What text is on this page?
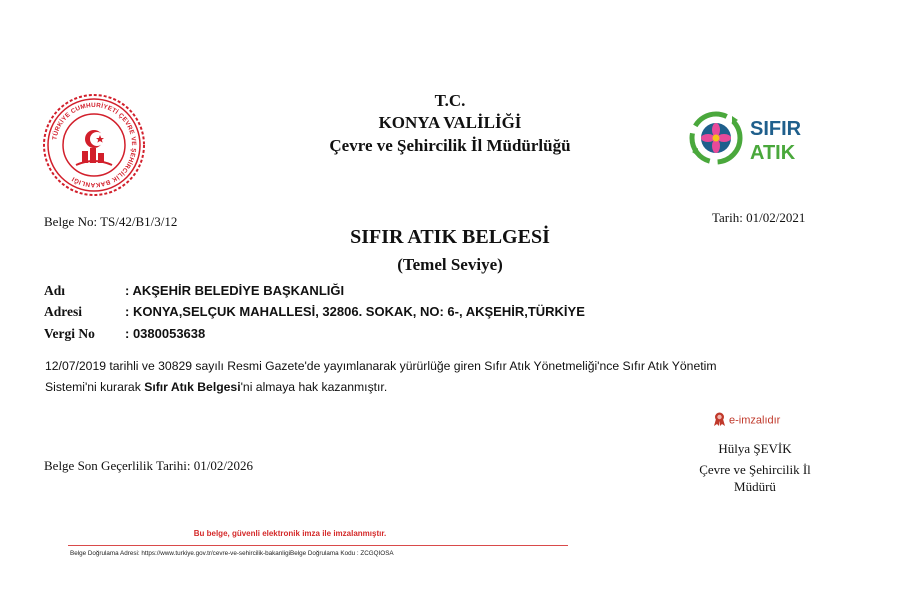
TÜRKİYE CUMHURİYETİ ÇEVRE VE ŞEHİRCİLİK BAKANLIĞI
T.C.
KONYA VALİLİĞİ
Çevre ve Şehircilik İl Müdürlüğü
SIFIR
ATIK
Belge No: TS/42/B1/3/12	Tarih: 01/02/2021
SIFIR ATIK BELGESİ
(Temel Seviye)
Adı	: AKŞEHİR BELEDİYE BAŞKANLIĞI
Adresi	: KONYA,SELÇUK MAHALLESİ, 32806. SOKAK, NO: 6-, AKŞEHİR,TÜRKİYE
Vergi No : 0380053638
12/07/2019 tarihli ve 30829 sayılı Resmi Gazete'de yayımlanarak yürürlüğe giren Sıfır Atık Yönetmeliği'nce Sıfır Atık Yönetim
Sistemi'ni kurarak Sıfır Atık Belgesi'ni almaya hak kazanmıştır.
e-imzalıdır
Hülya ŞEVİK
Çevre ve Şehircilik İl
Müdürü
Belge Son Geçerlilik Tarihi: 01/02/2026
Bu belge, güvenli elektronik imza ile imzalanmıştır.
Belge Doğrulama Adresi: https://www.turkiye.gov.tr/cevre-ve-sehircilik-bakanligiBelge Doğrulama Kodu : ZCGQIOSA
